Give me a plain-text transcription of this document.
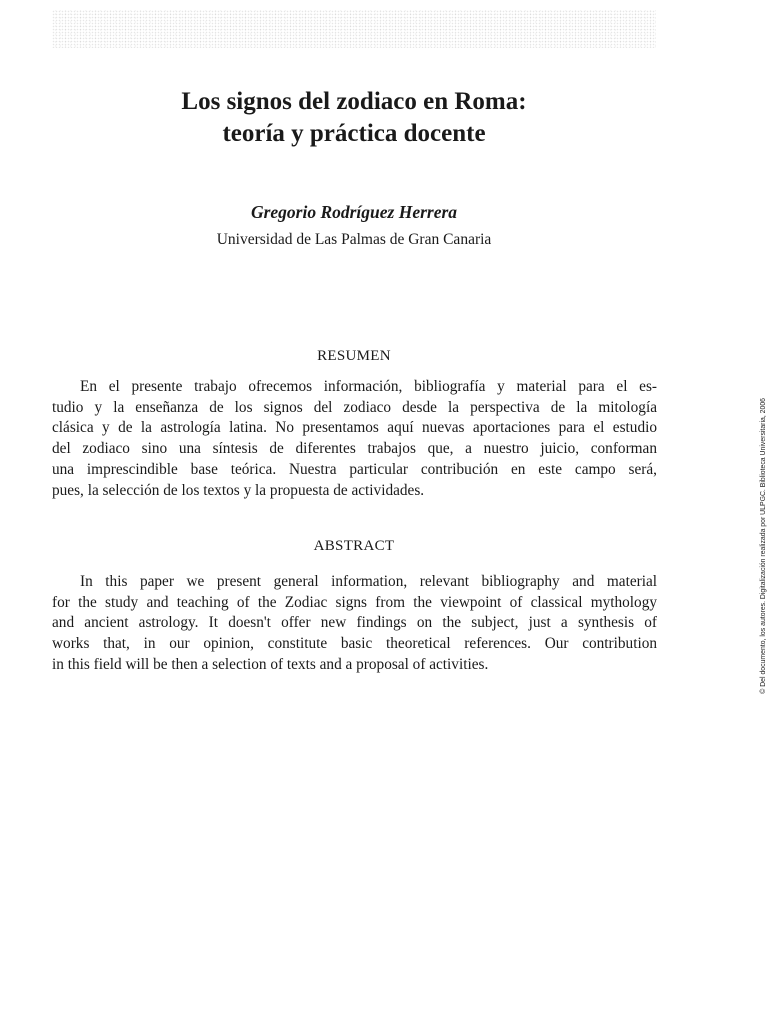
Los signos del zodiaco en Roma:
teoría y práctica docente
Gregorio Rodríguez Herrera
Universidad de Las Palmas de Gran Canaria
RESUMEN
En el presente trabajo ofrecemos información, bibliografía y material para el es-
tudio y la enseñanza de los signos del zodiaco desde la perspectiva de la mitología
clásica y de la astrología latina. No presentamos aquí nuevas aportaciones para el estudio
del zodiaco sino una síntesis de diferentes trabajos que, a nuestro juicio, conforman
una imprescindible base teórica. Nuestra particular contribución en este campo será,
pues, la selección de los textos y la propuesta de actividades.
ABSTRACT
In this paper we present general information, relevant bibliography and material
for the study and teaching of the Zodiac signs from the viewpoint of classical mythology
and ancient astrology. It doesn't offer new findings on the subject, just a synthesis of
works that, in our opinion, constitute basic theoretical references. Our contribution
in this field will be then a selection of texts and a proposal of activities.	© Del documento, los autores. Digitalización realizada por ULPGC. Biblioteca Universitaria, 2006
